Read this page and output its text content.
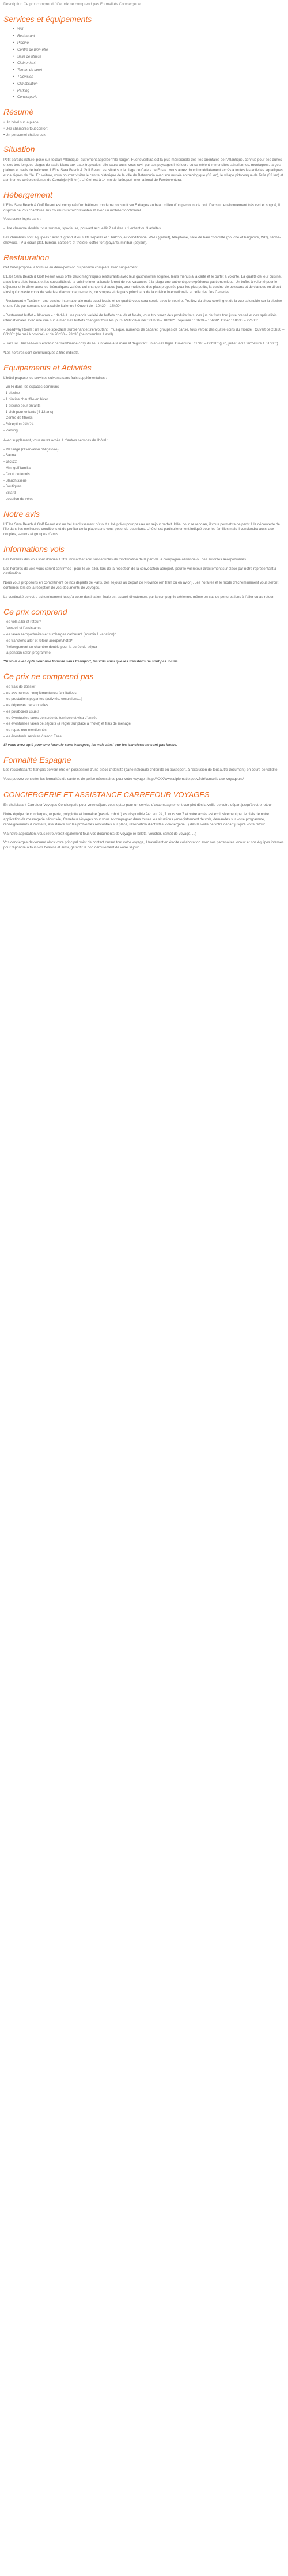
Description Ce prix comprend / Ce prix ne comprend pas Formalités Conciergerie
Services et équipements
• Wifi
• Restaurant
• Piscine
• Centre de bien-être
• Salle de fitness
• Club enfant
• Terrain de sport
• Télévision
• Climatisation
• Parking
• Conciergerie
Résumé
• Un hôtel sur la plage
• Des chambres tout confort
• Un personnel chaleureux
Situation

Petit paradis naturel posé sur l'océan Atlantique, autrement appelée "l'île rouge", Fuerteventura est la plus méridionale des îles orientales de l'Atlantique, connue pour ses dunes et ses très longues plages de sable blanc aux eaux tropicales, elle saura aussi vous ravir par ses paysages intérieurs où se mêlent immensités sahariennes, montagnes, larges plaines et oasis de fraîcheur. L'Elba Sara Beach & Golf Resort est situé sur la plage de Caleta de Fuste : vous aurez donc immédiatement accès à toutes les activités aquatiques et nautiques de l'île. En voiture, vous pourrez visiter le centre historique de la ville de Betancuria avec son musée archéologique (33 km), le village pittoresque de Tefia (33 km) et admirer les célèbres dunes de Corralejo (43 km). L'hôtel est à 14 mn de l'aéroport international de Fuerteventura.

Hébergement

L'Elba Sara Beach & Golf Resort est composé d'un bâtiment moderne construit sur 5 étages au beau milieu d'un parcours de golf. Dans un environnement très vert et soigné, il dispose de 266 chambres aux couleurs rafraîchissantes et avec un mobilier fonctionnel.

Vous serez logés dans :

- Une chambre double : vue sur mer, spacieuse, pouvant accueillir 2 adultes + 1 enfant ou 3 adultes.

Les chambres sont équipées : avec 1 grand lit ou 2 lits séparés et 1 balcon, air conditionné, Wi-Fi (gratuit), téléphone, salle de bain complète (douche et baignoire, WC), sèche-cheveux, TV à écran plat, bureau, cafetière et théière, coffre-fort (payant), minibar (payant).

Restauration

Cet hôtel propose la formule en demi-pension ou pension complète avec supplément.

L'Elba Sara Beach & Golf Resort vous offre deux magnifiques restaurants avec leur gastronomie soignée, leurs menus à la carte et le buffet à volonté. La qualité de leur cuisine, avec leurs plats locaux et les spécialités de la cuisine internationale feront de vos vacances à la plage une authentique expérience gastronomique. Un buffet à volonté pour le déjeuner et le dîner avec les thématiques variées qui changent chaque jour, une multitude des plats proposés pour les plus petits, la cuisine de poissons et de viandes en direct ainsi qu'un vaste choix de salades, d'accompagnements, de soupes et de plats principaux de la cuisine internationale et celle des îles Canaries.

- Restaurant « Tucán » : une cuisine internationale mais aussi locale et de qualité vous sera servie avec le sourire. Profitez du show cooking et de la vue splendide sur la piscine et une fois par semaine de la soirée italienne ! Ouvert de : 10h30 – 18h00*

- Restaurant buffet « Albatros » : dédié à une grande variété de buffets chauds et froids, vous trouverez des produits frais, des jus de fruits tout juste pressé et des spécialités internationales avec une vue sur la mer. Les buffets changent tous les jours. Petit déjeuner : 08h00 – 10h30*. Déjeuner : 13h00 – 15h00*. Dîner : 18h30 – 22h00*.

- Broadway Room : un lieu de spectacle surprenant et s'envoûtant : musique, numéros de cabaret, groupes de danse, tous veront des quatre coins du monde ! Ouvert de 20h30 – 00h00* (de mai à octobre) et de 20h30 – 23h30 (de novembre à avril)

- Bar Hall : laissez-vous envahir par l'ambiance cosy du lieu un verre à la main et dégustant un en-cas léger. Ouverture : 11h00 – 00h30* (juin, juillet, août fermeture à 01h00*)

*Les horaires sont communiqués à titre indicatif.

Equipements et Activités

L'hôtel propose les services suivants sans frais supplémentaires :

- Wi-Fi dans les espaces communs
- 1 piscine
- 1 piscine chauffée en hiver
- 1 piscine pour enfants
- 1 club pour enfants (4-12 ans)
- Centre de fitness
- Réception 24h/24
- Parking

Avec supplément, vous aurez accès à d'autres services de l'hôtel :

- Massage (réservation obligatoire)
- Sauna
- Jacuzzi
- Mini-golf familial
- Court de tennis
- Blanchisserie
- Boutiques
- Billard
- Location de vélos
Notre avis

L'Elba Sara Beach & Golf Resort est un bel établissement où tout a été prévu pour passer un séjour parfait. Idéal pour se reposer, il vous permettra de partir à la découverte de l'île dans les meilleures conditions et de profiter de la plage sans vous poser de questions. L'hôtel est particulièrement indiqué pour les familles mais il conviendra aussi aux couples, seniors et groupes d'amis.

Informations vols

Les horaires des vols sont donnés à titre indicatif et sont susceptibles de modification de la part de la compagnie aérienne ou des autorités aéroportuaires.

Les horaires de vols vous seront confirmés : pour le vol aller, lors de la réception de la convocation aéroport, pour le vol retour directement sur place par notre représentant à destination.

Nous vous proposons en complément de nos départs de Paris, des séjours au départ de Province (en train ou en avion). Les horaires et le mode d'acheminement vous seront confirmés lors de la réception de vos documents de voyages.

La continuité de votre acheminement jusqu'à votre destination finale est assuré directement par la compagnie aérienne, même en cas de perturbations à l'aller ou au retour.

Ce prix comprend
- les vols aller et retour*
- l'accueil et l'assistance
- les taxes aéroportuaires et surcharges carburant (soumis à variation)*
- les transferts aller et retour aéroport/hôtel*
- l'hébergement en chambre double pour la durée du séjour
- la pension selon programme

*Si vous avez opté pour une formule sans transport, les vols ainsi que les transferts ne sont pas inclus.

Ce prix ne comprend pas
- les frais de dossier
- les assurances complémentaires facultatives
- les prestations payantes (activités, excursions...)
- les dépenses personnelles
- les pourboires usuels
- les éventuelles taxes de sortie du territoire et visa d'entrée
- les éventuelles taxes de séjours (à régler sur place à l'hôtel) et frais de ménage
- les repas non mentionnés
- les éventuels services / resort Fees

Si vous avez opté pour une formule sans transport, les vols ainsi que les transferts ne sont pas inclus.

Formalité Espagne

Les ressortissants français doivent être en possession d'une pièce d'identité (carte nationale d'identité ou passeport, à l'exclusion de tout autre document) en cours de validité.

Vous pouvez consulter les formalités de santé et de police nécessaires pour votre voyage : http://XXX/www.diplomatie.gouv.fr/fr/conseils-aux-voyageurs/

CONCIERGERIE ET ASSISTANCE CARREFOUR VOYAGES

En choisissant Carrefour Voyages Conciergerie pour votre séjour, vous optez pour un service d'accompagnement complet dès la veille de votre départ jusqu'à votre retour.

Notre équipe de concierges, experte, polyglotte et humaine (pas de robot !) est disponible 24h sur 24, 7 jours sur 7 et votre accès est exclusivement par le biais de notre application de messagerie sécurisée, Carrefour Voyages pour vous accompagner dans toutes les situations (enregistrement de vols, demandes sur votre programme, renseignements & conseils, assistance sur les problèmes rencontrés sur place, réservation d'activités, conciergerie...) dès la veille de votre départ jusqu'à votre retour.

Via notre application, vous retrouverez également tous vos documents de voyage (e-billets, voucher, carnet de voyage, ...)

Vos concierges deviennent alors votre principal point de contact durant tout votre voyage, il travaillant en étroite collaboration avec nos partenaires locaux et nos équipes internes pour répondre à tous vos besoins et ainsi, garantir le bon déroulement de votre séjour.
